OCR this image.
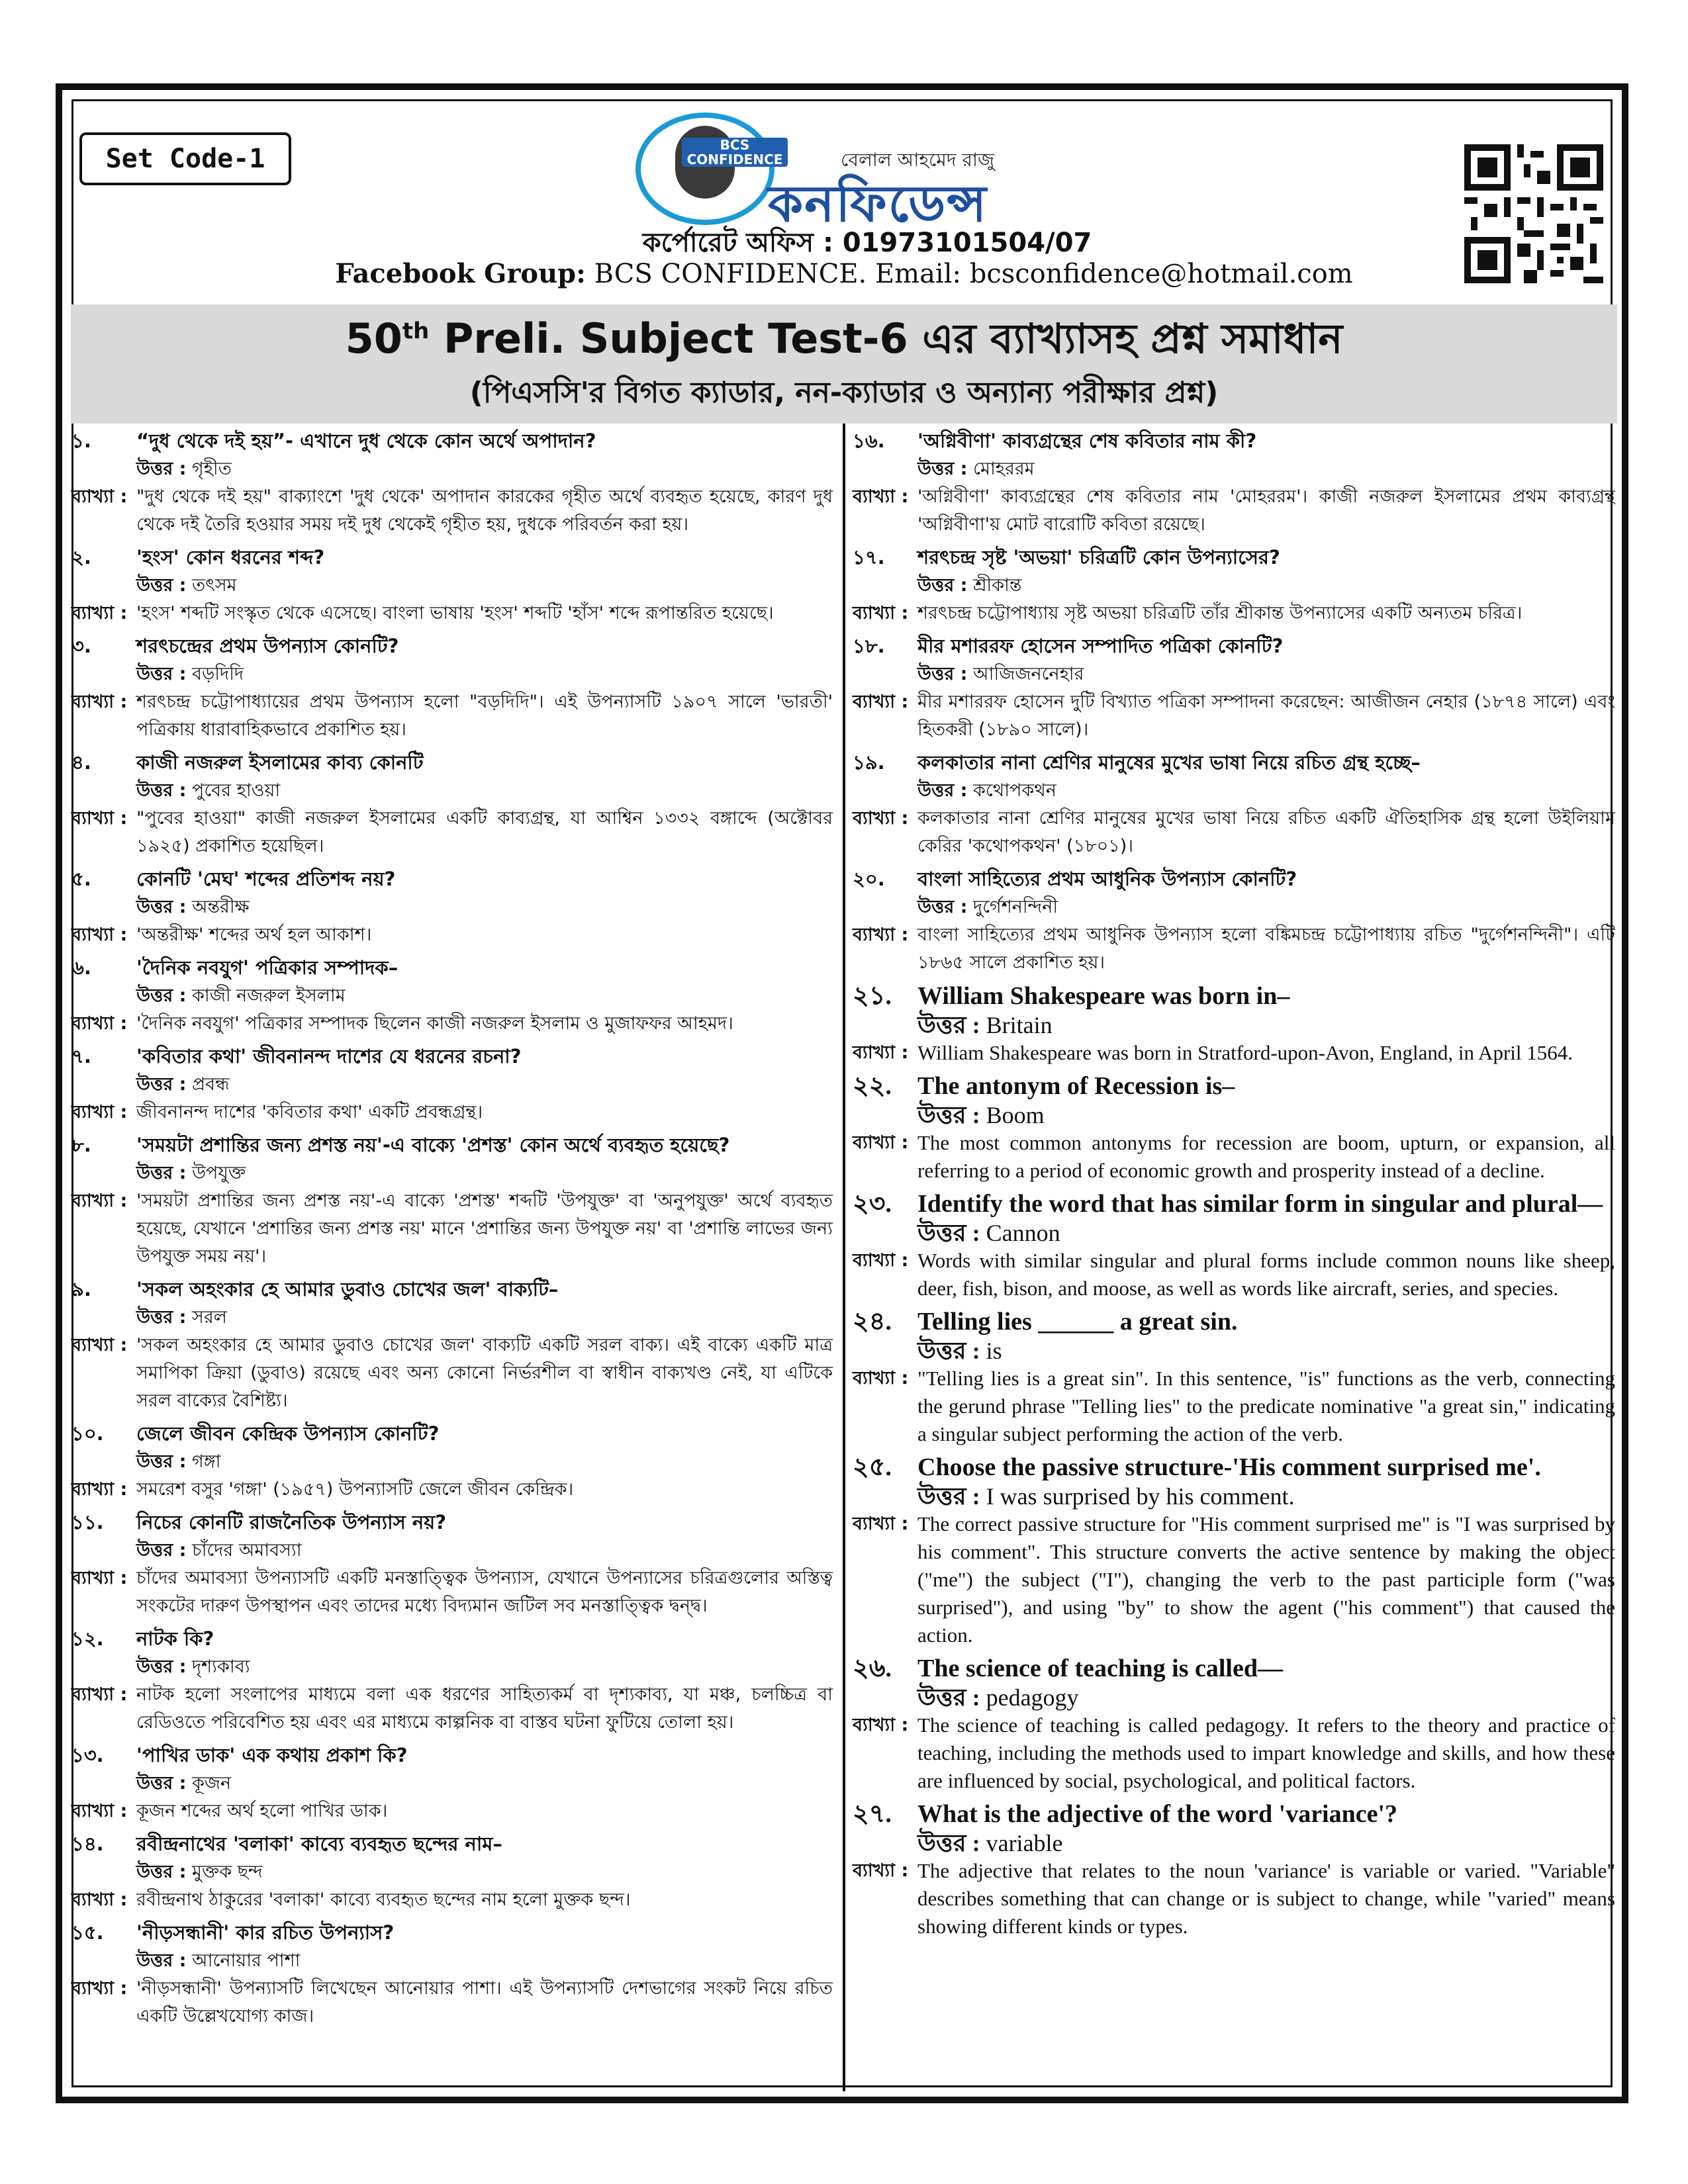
Set Code-1	BCS CONFIDENCE	বেলাল আহমেদ রাজু
কনফিডেন্স
কর্পোরেট অফিস : 01973101504/07
Facebook Group: BCS CONFIDENCE. Email: bcsconfidence@hotmail.com
50th Preli. Subject Test-6 এর ব্যাখ্যাসহ প্রশ্ন সমাধান
(পিএসসি'র বিগত ক্যাডার, নন-ক্যাডার ও অন্যান্য পরীক্ষার প্রশ্ন)
১. “দুধ থেকে দই হয়”- এখানে দুধ থেকে কোন অর্থে অপাদান?
উত্তর : গৃহীত
ব্যাখ্যা : "দুধ থেকে দই হয়" বাক্যাংশে 'দুধ থেকে' অপাদান কারকের গৃহীত অর্থে ব্যবহৃত হয়েছে, কারণ দুধ থেকে দই তৈরি হওয়ার সময় দই দুধ থেকেই গৃহীত হয়, দুধকে পরিবর্তন করা হয়।
২. 'হংস' কোন ধরনের শব্দ?
উত্তর : তৎসম
ব্যাখ্যা : 'হংস' শব্দটি সংস্কৃত থেকে এসেছে। বাংলা ভাষায় 'হংস' শব্দটি 'হাঁস' শব্দে রূপান্তরিত হয়েছে।
৩. শরৎচন্দ্রের প্রথম উপন্যাস কোনটি?
উত্তর : বড়দিদি
ব্যাখ্যা : শরৎচন্দ্র চট্টোপাধ্যায়ের প্রথম উপন্যাস হলো "বড়দিদি"। এই উপন্যাসটি ১৯০৭ সালে 'ভারতী' পত্রিকায় ধারাবাহিকভাবে প্রকাশিত হয়।
৪. কাজী নজরুল ইসলামের কাব্য কোনটি
উত্তর : পুবের হাওয়া
ব্যাখ্যা : "পুবের হাওয়া" কাজী নজরুল ইসলামের একটি কাব্যগ্রন্থ, যা আশ্বিন ১৩৩২ বঙ্গাব্দে (অক্টোবর ১৯২৫) প্রকাশিত হয়েছিল।
৫. কোনটি 'মেঘ' শব্দের প্রতিশব্দ নয়?
উত্তর : অন্তরীক্ষ
ব্যাখ্যা : 'অন্তরীক্ষ' শব্দের অর্থ হল আকাশ।
৬. 'দৈনিক নবযুগ' পত্রিকার সম্পাদক–
উত্তর : কাজী নজরুল ইসলাম
ব্যাখ্যা : 'দৈনিক নবযুগ' পত্রিকার সম্পাদক ছিলেন কাজী নজরুল ইসলাম ও মুজাফফর আহমদ।
৭. 'কবিতার কথা' জীবনানন্দ দাশের যে ধরনের রচনা?
উত্তর : প্রবন্ধ
ব্যাখ্যা : জীবনানন্দ দাশের 'কবিতার কথা' একটি প্রবন্ধগ্রন্থ।
৮. 'সময়টা প্রশান্তির জন্য প্রশস্ত নয়'-এ বাক্যে 'প্রশস্ত' কোন অর্থে ব্যবহৃত হয়েছে?
উত্তর : উপযুক্ত
ব্যাখ্যা : 'সময়টা প্রশান্তির জন্য প্রশস্ত নয়'-এ বাক্যে 'প্রশস্ত' শব্দটি 'উপযুক্ত' বা 'অনুপযুক্ত' অর্থে ব্যবহৃত হয়েছে, যেখানে 'প্রশান্তির জন্য প্রশস্ত নয়' মানে 'প্রশান্তির জন্য উপযুক্ত নয়' বা 'প্রশান্তি লাভের জন্য উপযুক্ত সময় নয়'।
৯. 'সকল অহংকার হে আমার ডুবাও চোখের জল' বাক্যটি–
উত্তর : সরল
ব্যাখ্যা : 'সকল অহংকার হে আমার ডুবাও চোখের জল' বাক্যটি একটি সরল বাক্য। এই বাক্যে একটি মাত্র সমাপিকা ক্রিয়া (ডুবাও) রয়েছে এবং অন্য কোনো নির্ভরশীল বা স্বাধীন বাক্যখণ্ড নেই, যা এটিকে সরল বাক্যের বৈশিষ্ট্য।
১০. জেলে জীবন কেন্দ্রিক উপন্যাস কোনটি?
উত্তর : গঙ্গা
ব্যাখ্যা : সমরেশ বসুর 'গঙ্গা' (১৯৫৭) উপন্যাসটি জেলে জীবন কেন্দ্রিক।
১১. নিচের কোনটি রাজনৈতিক উপন্যাস নয়?
উত্তর : চাঁদের অমাবস্যা
ব্যাখ্যা : চাঁদের অমাবস্যা উপন্যাসটি একটি মনস্তাত্ত্বিক উপন্যাস, যেখানে উপন্যাসের চরিত্রগুলোর অস্তিত্ব সংকটের দারুণ উপস্থাপন এবং তাদের মধ্যে বিদ্যমান জটিল সব মনস্তাত্ত্বিক দ্বন্দ্ব।
১২. নাটক কি?
উত্তর : দৃশ্যকাব্য
ব্যাখ্যা : নাটক হলো সংলাপের মাধ্যমে বলা এক ধরণের সাহিত্যকর্ম বা দৃশ্যকাব্য, যা মঞ্চ, চলচ্চিত্র বা রেডিওতে পরিবেশিত হয় এবং এর মাধ্যমে কাল্পনিক বা বাস্তব ঘটনা ফুটিয়ে তোলা হয়।
১৩. 'পাখির ডাক' এক কথায় প্রকাশ কি?
উত্তর : কূজন
ব্যাখ্যা : কূজন শব্দের অর্থ হলো পাখির ডাক।
১৪. রবীন্দ্রনাথের 'বলাকা' কাব্যে ব্যবহৃত ছন্দের নাম–
উত্তর : মুক্তক ছন্দ
ব্যাখ্যা : রবীন্দ্রনাথ ঠাকুরের 'বলাকা' কাব্যে ব্যবহৃত ছন্দের নাম হলো মুক্তক ছন্দ।
১৫. 'নীড়সন্ধানী' কার রচিত উপন্যাস?
উত্তর : আনোয়ার পাশা
ব্যাখ্যা : 'নীড়সন্ধানী' উপন্যাসটি লিখেছেন আনোয়ার পাশা। এই উপন্যাসটি দেশভাগের সংকট নিয়ে রচিত একটি উল্লেখযোগ্য কাজ।
১৬. 'অগ্নিবীণা' কাব্যগ্রন্থের শেষ কবিতার নাম কী?
উত্তর : মোহররম
ব্যাখ্যা : 'অগ্নিবীণা' কাব্যগ্রন্থের শেষ কবিতার নাম 'মোহররম'। কাজী নজরুল ইসলামের প্রথম কাব্যগ্রন্থ 'অগ্নিবীণা'য় মোট বারোটি কবিতা রয়েছে।
১৭. শরৎচন্দ্র সৃষ্ট 'অভয়া' চরিত্রটি কোন উপন্যাসের?
উত্তর : শ্রীকান্ত
ব্যাখ্যা : শরৎচন্দ্র চট্টোপাধ্যায় সৃষ্ট অভয়া চরিত্রটি তাঁর শ্রীকান্ত উপন্যাসের একটি অন্যতম চরিত্র।
১৮. মীর মশাররফ হোসেন সম্পাদিত পত্রিকা কোনটি?
উত্তর : আজিজননেহার
ব্যাখ্যা : মীর মশাররফ হোসেন দুটি বিখ্যাত পত্রিকা সম্পাদনা করেছেন: আজীজন নেহার (১৮৭৪ সালে) এবং হিতকরী (১৮৯০ সালে)।
১৯. কলকাতার নানা শ্রেণির মানুষের মুখের ভাষা নিয়ে রচিত গ্রন্থ হচ্ছে–
উত্তর : কথোপকথন
ব্যাখ্যা : কলকাতার নানা শ্রেণির মানুষের মুখের ভাষা নিয়ে রচিত একটি ঐতিহাসিক গ্রন্থ হলো উইলিয়াম কেরির 'কথোপকথন' (১৮০১)।
২০. বাংলা সাহিত্যের প্রথম আধুনিক উপন্যাস কোনটি?
উত্তর : দুর্গেশনন্দিনী
ব্যাখ্যা : বাংলা সাহিত্যের প্রথম আধুনিক উপন্যাস হলো বঙ্কিমচন্দ্র চট্টোপাধ্যায় রচিত "দুর্গেশনন্দিনী"। এটি ১৮৬৫ সালে প্রকাশিত হয়।
২১. William Shakespeare was born in–
উত্তর : Britain
ব্যাখ্যা : William Shakespeare was born in Stratford-upon-Avon, England, in April 1564.
২২. The antonym of Recession is–
উত্তর : Boom
ব্যাখ্যা : The most common antonyms for recession are boom, upturn, or expansion, all referring to a period of economic growth and prosperity instead of a decline.
২৩. Identify the word that has similar form in singular and plural—
উত্তর : Cannon
ব্যাখ্যা : Words with similar singular and plural forms include common nouns like sheep, deer, fish, bison, and moose, as well as words like aircraft, series, and species.
২৪. Telling lies ______ a great sin.
উত্তর : is
ব্যাখ্যা : "Telling lies is a great sin". In this sentence, "is" functions as the verb, connecting the gerund phrase "Telling lies" to the predicate nominative "a great sin," indicating a singular subject performing the action of the verb.
২৫. Choose the passive structure-'His comment surprised me'.
উত্তর : I was surprised by his comment.
ব্যাখ্যা : The correct passive structure for "His comment surprised me" is "I was surprised by his comment". This structure converts the active sentence by making the object ("me") the subject ("I"), changing the verb to the past participle form ("was surprised"), and using "by" to show the agent ("his comment") that caused the action.
২৬. The science of teaching is called—
উত্তর : pedagogy
ব্যাখ্যা : The science of teaching is called pedagogy. It refers to the theory and practice of teaching, including the methods used to impart knowledge and skills, and how these are influenced by social, psychological, and political factors.
২৭. What is the adjective of the word 'variance'?
উত্তর : variable
ব্যাখ্যা : The adjective that relates to the noun 'variance' is variable or varied. "Variable" describes something that can change or is subject to change, while "varied" means showing different kinds or types.
